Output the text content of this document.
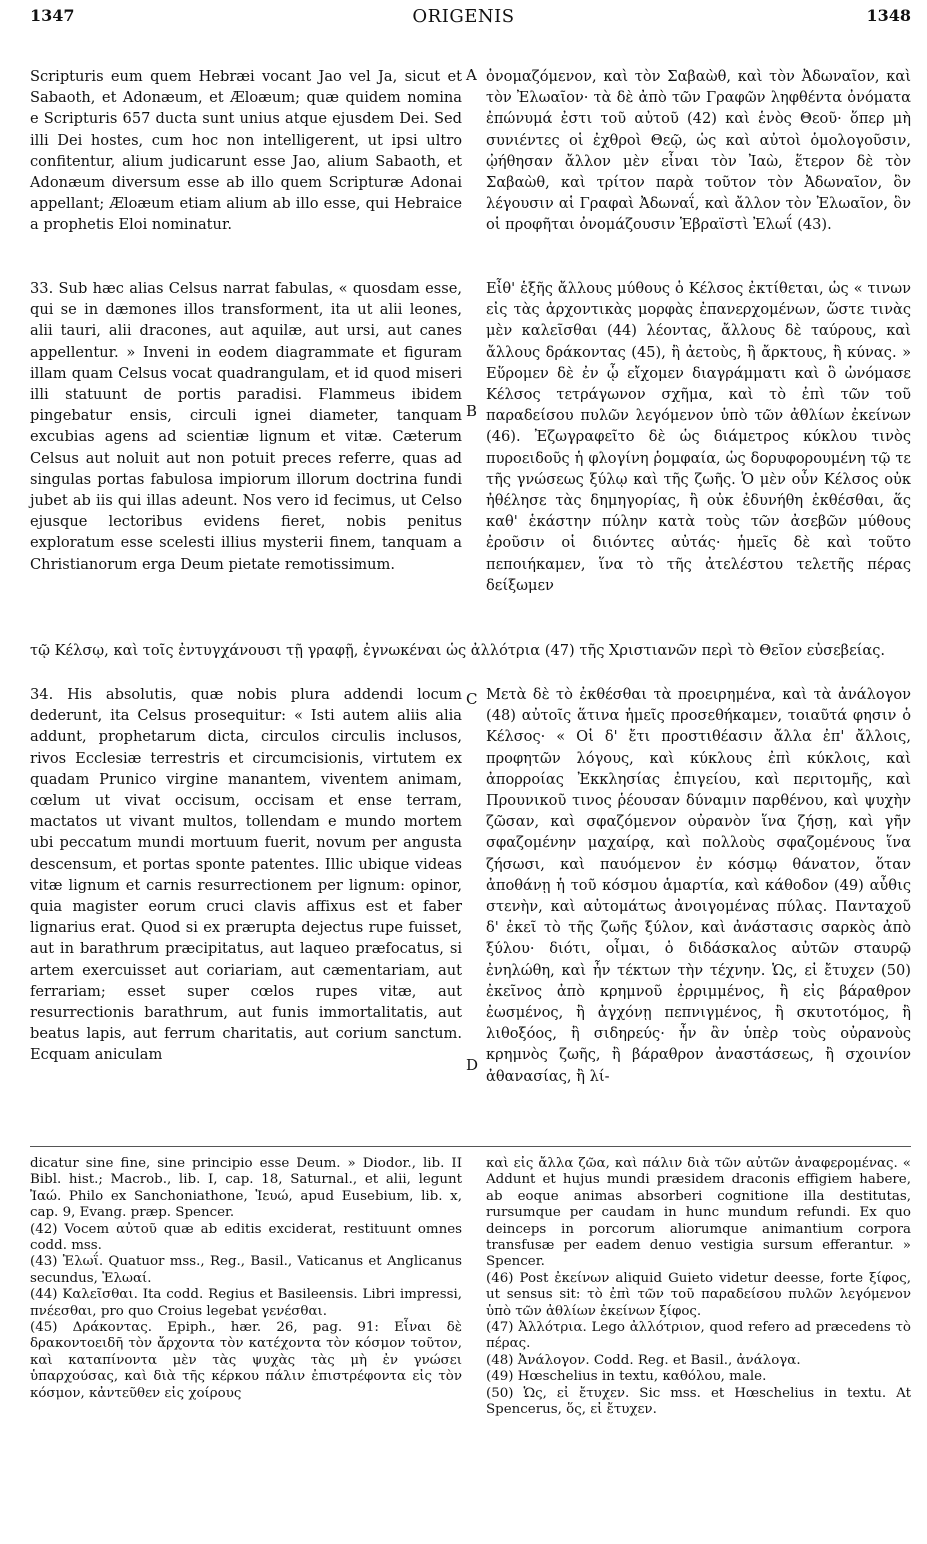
1347	ORIGENIS	1348
A
B
C
D

Scripturis eum quem Hebræi vocant Jao vel Ja, sicut et Sabaoth, et Adonæum, et Ælοæum; quæ quidem nomina e Scripturis 657 ducta sunt unius atque ejusdem Dei. Sed illi Dei hostes, cum hoc non intelligerent, ut ipsi ultro confitentur, alium judicarunt esse Jao, alium Sabaoth, et Adonæum diversum esse ab illo quem Scripturæ Adonai appellant; Ælοæum etiam alium ab illo esse, qui Hebraice a prophetis Eloi nominatur.

33. Sub hæc alias Celsus narrat fabulas, « quosdam esse, qui se in dæmones illos transforment, ita ut alii leones, alii tauri, alii dracones, aut aquilæ, aut ursi, aut canes appellentur. » Inveni in eodem diagrammate et figuram illam quam Celsus vocat quadrangulam, et id quod miseri illi statuunt de portis paradisi. Flammeus ibidem pingebatur ensis, circuli ignei diameter, tanquam excubias agens ad scientiæ lignum et vitæ. Cæterum Celsus aut noluit aut non potuit preces referre, quas ad singulas portas fabulosa impiorum illorum doctrina fundi jubet ab iis qui illas adeunt. Nos vero id fecimus, ut Celso ejusque lectoribus evidens fieret, nobis penitus exploratum esse scelesti illius mysterii finem, tanquam a Christianorum erga Deum pietate remotissimum.

ὀνομαζόμενον, καὶ τὸν Σαβαὼθ, καὶ τὸν Ἀδωναῖον, καὶ τὸν Ἐλωαῖον· τὰ δὲ ἀπὸ τῶν Γραφῶν ληφθέντα ὀνόματα ἐπώνυμά ἐστι τοῦ αὐτοῦ (42) καὶ ἑνὸς Θεοῦ· ὅπερ μὴ συνιέντες οἱ ἐχθροὶ Θεῷ, ὡς καὶ αὐτοὶ ὁμολογοῦσιν, ᾠήθησαν ἄλλον μὲν εἶναι τὸν Ἰαὼ, ἕτερον δὲ τὸν Σαβαὼθ, καὶ τρίτον παρὰ τοῦτον τὸν Ἀδωναῖον, ὃν λέγουσιν αἱ Γραφαὶ Ἀδωναΐ, καὶ ἄλλον τὸν Ἐλωαῖον, ὃν οἱ προφῆται ὀνομάζουσιν Ἑβραϊστὶ Ἐλωΐ (43).

Εἶθ' ἑξῆς ἄλλους μύθους ὁ Κέλσος ἐκτίθεται, ὡς « τινων εἰς τὰς ἀρχοντικὰς μορφὰς ἐπανερχομένων, ὥστε τινὰς μὲν καλεῖσθαι (44) λέοντας, ἄλλους δὲ ταύρους, καὶ ἄλλους δράκοντας (45), ἢ ἀετοὺς, ἢ ἄρκτους, ἢ κύνας. » Εὕρομεν δὲ ἐν ᾧ εἴχομεν διαγράμματι καὶ ὃ ὠνόμασε Κέλσος τετράγωνον σχῆμα, καὶ τὸ ἐπὶ τῶν τοῦ παραδείσου πυλῶν λεγόμενον ὑπὸ τῶν ἀθλίων ἐκείνων (46). Ἐζωγραφεῖτο δὲ ὡς διάμετρος κύκλου τινὸς πυροειδοῦς ἡ φλογίνη ῥομφαία, ὡς δορυφορουμένη τῷ τε τῆς γνώσεως ξύλῳ καὶ τῆς ζωῆς. Ὁ μὲν οὖν Κέλσος οὐκ ἠθέλησε τὰς δημηγορίας, ἢ οὐκ ἐδυνήθη ἐκθέσθαι, ἅς καθ' ἑκάστην πύλην κατὰ τοὺς τῶν ἀσεβῶν μύθους ἐροῦσιν οἱ διιόντες αὐτάς· ἡμεῖς δὲ καὶ τοῦτο πεποιήκαμεν, ἵνα τὸ τῆς ἀτελέστου τελετῆς πέρας δείξωμεν

τῷ Κέλσῳ, καὶ τοῖς ἐντυγχάνουσι τῇ γραφῇ, ἐγνωκέναι ὡς ἀλλότρια (47) τῆς Χριστιανῶν περὶ τὸ Θεῖον εὐσεβείας.

34. His absolutis, quæ nobis plura addendi locum dederunt, ita Celsus prosequitur: « Isti autem aliis alia addunt, prophetarum dicta, circulos circulis inclusos, rivos Ecclesiæ terrestris et circumcisionis, virtutem ex quadam Prunico virgine manantem, viventem animam, cœlum ut vivat occisum, occisam et ense terram, mactatos ut vivant multos, tollendam e mundo mortem ubi peccatum mundi mortuum fuerit, novum per angusta descensum, et portas sponte patentes. Illic ubique videas vitæ lignum et carnis resurrectionem per lignum: opinor, quia magister eorum cruci clavis affixus est et faber lignarius erat. Quod si ex prærupta dejectus rupe fuisset, aut in barathrum præcipitatus, aut laqueo præfocatus, si artem exercuisset aut coriariam, aut cæmentariam, aut ferrariam; esset super cœlos rupes vitæ, aut resurrectionis barathrum, aut funis immortalitatis, aut beatus lapis, aut ferrum charitatis, aut corium sanctum. Ecquam aniculam

Μετὰ δὲ τὸ ἐκθέσθαι τὰ προειρημένα, καὶ τὰ ἀνάλογον (48) αὐτοῖς ἅτινα ἡμεῖς προσεθήκαμεν, τοιαῦτά φησιν ὁ Κέλσος· « Οἱ δ' ἔτι προστιθέασιν ἄλλα ἐπ' ἄλλοις, προφητῶν λόγους, καὶ κύκλους ἐπὶ κύκλοις, καὶ ἀπορροίας Ἐκκλησίας ἐπιγείου, καὶ περιτομῆς, καὶ Προυνικοῦ τινος ῥέουσαν δύναμιν παρθένου, καὶ ψυχὴν ζῶσαν, καὶ σφαζόμενον οὐρανὸν ἵνα ζήσῃ, καὶ γῆν σφαζομένην μαχαίρᾳ, καὶ πολλοὺς σφαζομένους ἵνα ζήσωσι, καὶ παυόμενον ἐν κόσμῳ θάνατον, ὅταν ἀποθάνῃ ἡ τοῦ κόσμου ἁμαρτία, καὶ κάθοδον (49) αὖθις στενὴν, καὶ αὐτομάτως ἀνοιγομένας πύλας. Πανταχοῦ δ' ἐκεῖ τὸ τῆς ζωῆς ξύλον, καὶ ἀνάστασις σαρκὸς ἀπὸ ξύλου· διότι, οἶμαι, ὁ διδάσκαλος αὐτῶν σταυρῷ ἐνηλώθη, καὶ ἦν τέκτων τὴν τέχνην. Ὡς, εἰ ἔτυχεν (50) ἐκεῖνος ἀπὸ κρημνοῦ ἐρριμμένος, ἢ εἰς βάραθρον ἐωσμένος, ἢ ἀγχόνῃ πεπνιγμένος, ἢ σκυτοτόμος, ἢ λιθοξόος, ἢ σιδηρεύς· ἦν ἂν ὑπὲρ τοὺς οὐρανοὺς κρημνὸς ζωῆς, ἢ βάραθρον ἀναστάσεως, ἢ σχοινίον ἀθανασίας, ἢ λί-

dicatur sine fine, sine principio esse Deum. » Diodor., lib. II Bibl. hist.; Macrob., lib. I, cap. 18, Saturnal., et alii, legunt Ἰαώ. Philo ex Sanchoniathone, Ἰευώ, apud Eusebium, lib. x, cap. 9, Evang. præp. Spencer.
(42) Vocem αὐτοῦ quæ ab editis exciderat, restituunt omnes codd. mss.
(43) Ἐλωΐ. Quatuor mss., Reg., Basil., Vaticanus et Anglicanus secundus, Ἐλωαί.
(44) Καλεῖσθαι. Ita codd. Regius et Basileensis. Libri impressi, πνέεσθαι, pro quo Croius legebat γενέσθαι.
(45) Δράκοντας. Epiph., hær. 26, pag. 91: Εἶναι δὲ δρακοντοειδῆ τὸν ἄρχοντα τὸν κατέχοντα τὸν κόσμον τοῦτον, καὶ καταπίνοντα μὲν τὰς ψυχὰς τὰς μὴ ἐν γνώσει ὑπαρχούσας, καὶ διὰ τῆς κέρκου πάλιν ἐπιστρέφοντα εἰς τὸν κόσμον, κἀντεῦθεν εἰς χοίρους

καὶ εἰς ἄλλα ζῶα, καὶ πάλιν διὰ τῶν αὐτῶν ἀναφερομένας. « Addunt et hujus mundi præsidem draconis effigiem habere, ab eoque animas absorberi cognitione illa destitutas, rursumque per caudam in hunc mundum refundi. Ex quo deinceps in porcorum aliorumque animantium corpora transfusæ per eadem denuo vestigia sursum efferantur. » Spencer.
(46) Post ἐκείνων aliquid Guieto videtur deesse, forte ξίφος, ut sensus sit: τὸ ἐπὶ τῶν τοῦ παραδείσου πυλῶν λεγόμενον ὑπὸ τῶν ἀθλίων ἐκείνων ξίφος.
(47) Ἀλλότρια. Lego ἀλλότριον, quod refero ad præcedens τὸ πέρας.
(48) Ἀνάλογον. Codd. Reg. et Basil., ἀνάλογα.
(49) Hœschelius in textu, καθόλου, male.
(50) Ὡς, εἰ ἔτυχεν. Sic mss. et Hœschelius in textu. At Spencerus, ὅς, εἰ ἔτυχεν.
